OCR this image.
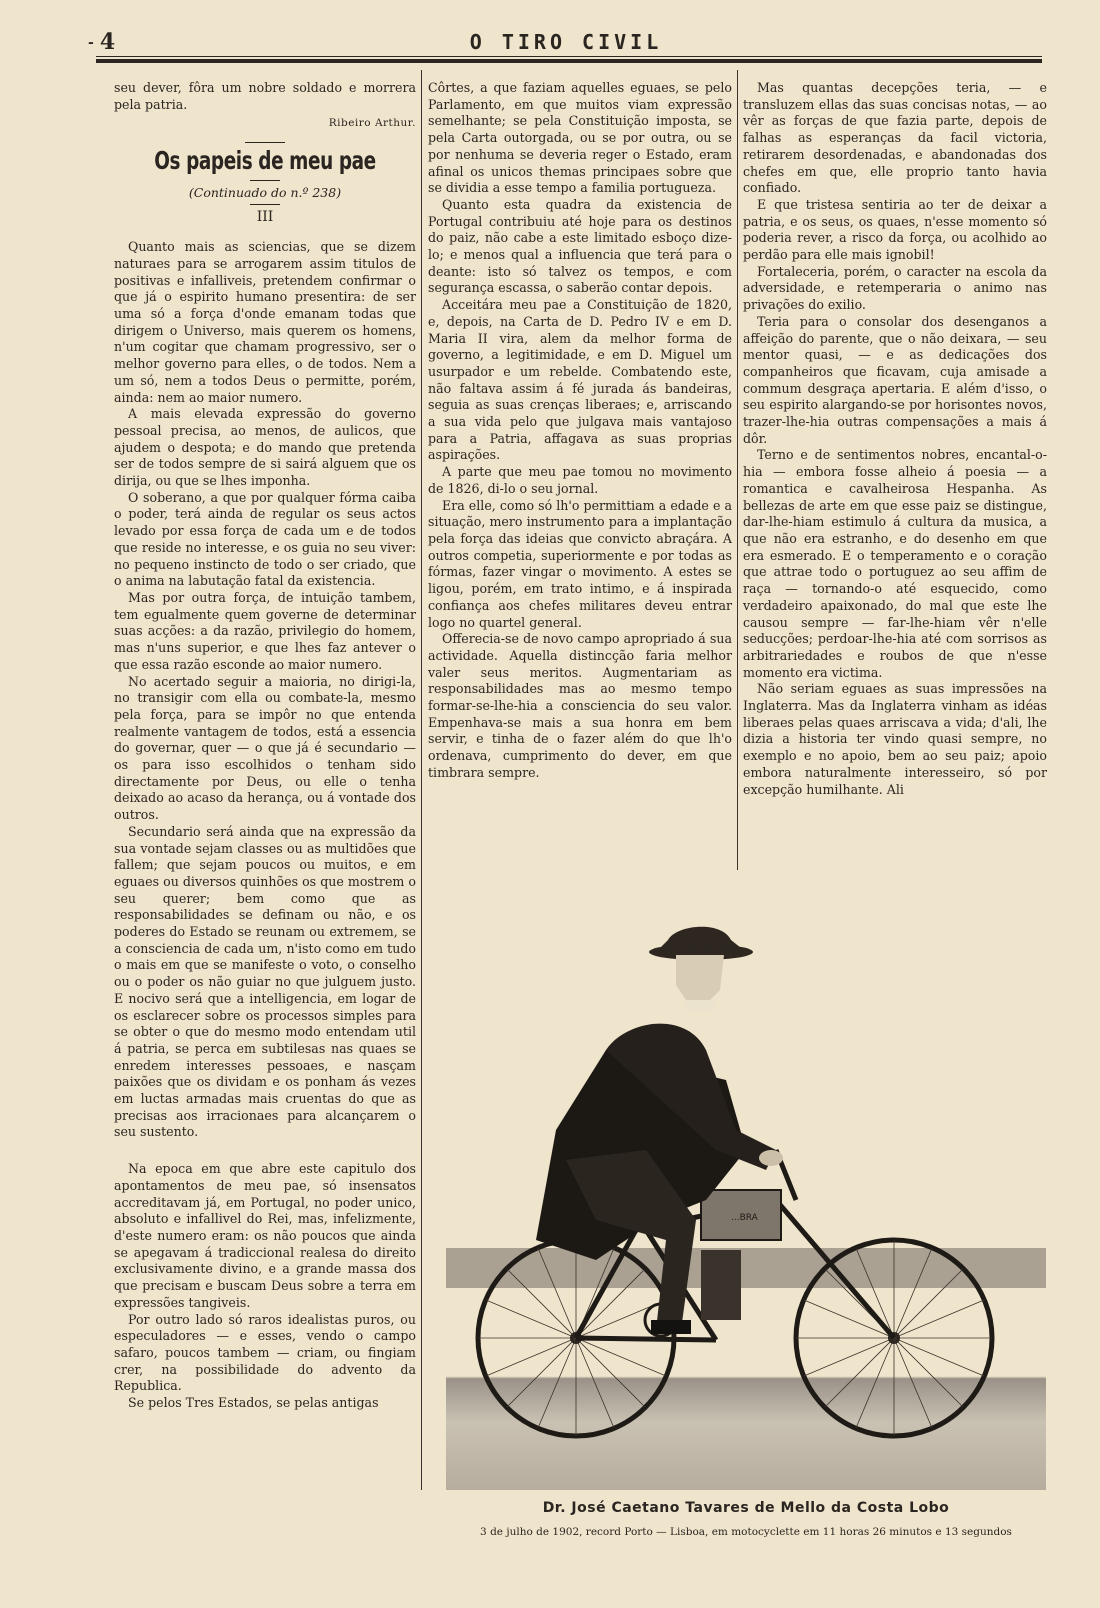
- 4	O TIRO CIVIL

seu dever, fôra um nobre soldado e morrera pela patria.

Ribeiro Arthur.
Os papeis de meu pae
(Continuado do n.º 238)
III

Quanto mais as sciencias, que se dizem naturaes para se arrogarem assim titulos de positivas e infalliveis, pretendem confirmar o que já o espirito humano presentira: de ser uma só a força d'onde emanam todas que dirigem o Universo, mais querem os homens, n'um cogitar que chamam progressivo, ser o melhor governo para elles, o de todos. Nem a um só, nem a todos Deus o permitte, porém, ainda: nem ao maior numero.

A mais elevada expressão do governo pessoal precisa, ao menos, de aulicos, que ajudem o despota; e do mando que pretenda ser de todos sempre de si sairá alguem que os dirija, ou que se lhes imponha.

O soberano, a que por qualquer fórma caiba o poder, terá ainda de regular os seus actos levado por essa força de cada um e de todos que reside no interesse, e os guia no seu viver: no pequeno instincto de todo o ser criado, que o anima na labutação fatal da existencia.

Mas por outra força, de intuição tambem, tem egualmente quem governe de determinar suas acções: a da razão, privilegio do homem, mas n'uns superior, e que lhes faz antever o que essa razão esconde ao maior numero.

No acertado seguir a maioria, no dirigi-la, no transigir com ella ou combate-la, mesmo pela força, para se impôr no que entenda realmente vantagem de todos, está a essencia do governar, quer — o que já é secundario — os para isso escolhidos o tenham sido directamente por Deus, ou elle o tenha deixado ao acaso da herança, ou á vontade dos outros.

Secundario será ainda que na expressão da sua vontade sejam classes ou as multidões que fallem; que sejam poucos ou muitos, e em eguaes ou diversos quinhões os que mostrem o seu querer; bem como que as responsabilidades se definam ou não, e os poderes do Estado se reunam ou extremem, se a consciencia de cada um, n'isto como em tudo o mais em que se manifeste o voto, o conselho ou o poder os não guiar no que julguem justo. E nocivo será que a intelligencia, em logar de os esclarecer sobre os processos simples para se obter o que do mesmo modo entendam util á patria, se perca em subtilesas nas quaes se enredem interesses pessoaes, e nasçam paixões que os dividam e os ponham ás vezes em luctas armadas mais cruentas do que as precisas aos irracionaes para alcançarem o seu sustento.

Na epoca em que abre este capitulo dos apontamentos de meu pae, só insensatos accreditavam já, em Portugal, no poder unico, absoluto e infallivel do Rei, mas, infelizmente, d'este numero eram: os não poucos que ainda se apegavam á tradiccional realesa do direito exclusivamente divino, e a grande massa dos que precisam e buscam Deus sobre a terra em expressões tangiveis.

Por outro lado só raros idealistas puros, ou especuladores — e esses, vendo o campo safaro, poucos tambem — criam, ou fingiam crer, na possibilidade do advento da Republica.

Se pelos Tres Estados, se pelas antigas

Côrtes, a que faziam aquelles eguaes, se pelo Parlamento, em que muitos viam expressão semelhante; se pela Constituição imposta, se pela Carta outorgada, ou se por outra, ou se por nenhuma se deveria reger o Estado, eram afinal os unicos themas principaes sobre que se dividia a esse tempo a familia portugueza.

Quanto esta quadra da existencia de Portugal contribuiu até hoje para os destinos do paiz, não cabe a este limitado esboço dize-lo; e menos qual a influencia que terá para o deante: isto só talvez os tempos, e com segurança escassa, o saberão contar depois.

Acceitára meu pae a Constituição de 1820, e, depois, na Carta de D. Pedro IV e em D. Maria II vira, alem da melhor forma de governo, a legitimidade, e em D. Miguel um usurpador e um rebelde. Combatendo este, não faltava assim á fé jurada ás bandeiras, seguia as suas crenças liberaes; e, arriscando a sua vida pelo que julgava mais vantajoso para a Patria, affagava as suas proprias aspirações.

A parte que meu pae tomou no movimento de 1826, di-lo o seu jornal.

Era elle, como só lh'o permittiam a edade e a situação, mero instrumento para a implantação pela força das ideias que convicto abraçára. A outros competia, superiormente e por todas as fórmas, fazer vingar o movimento. A estes se ligou, porém, em trato intimo, e á inspirada confiança aos chefes militares deveu entrar logo no quartel general.

Offerecia-se de novo campo apropriado á sua actividade. Aquella distincção faria melhor valer seus meritos. Augmentariam as responsabilidades mas ao mesmo tempo formar-se-lhe-hia a consciencia do seu valor. Empenhava-se mais a sua honra em bem servir, e tinha de o fazer além do que lh'o ordenava, cumprimento do dever, em que timbrara sempre.

Mas quantas decepções teria, — e transluzem ellas das suas concisas notas, — ao vêr as forças de que fazia parte, depois de falhas as esperanças da facil victoria, retirarem desordenadas, e abandonadas dos chefes em que, elle proprio tanto havia confiado.

E que tristesa sentiria ao ter de deixar a patria, e os seus, os quaes, n'esse momento só poderia rever, a risco da força, ou acolhido ao perdão para elle mais ignobil!

Fortaleceria, porém, o caracter na escola da adversidade, e retemperaria o animo nas privações do exilio.

Teria para o consolar dos desenganos a affeição do parente, que o não deixara, — seu mentor quasi, — e as dedicações dos companheiros que ficavam, cuja amisade a commum desgraça apertaria. E além d'isso, o seu espirito alargando-se por horisontes novos, trazer-lhe-hia outras compensações a mais á dôr.

Terno e de sentimentos nobres, encantal-o-hia — embora fosse alheio á poesia — a romantica e cavalheirosa Hespanha. As bellezas de arte em que esse paiz se distingue, dar-lhe-hiam estimulo á cultura da musica, a que não era estranho, e do desenho em que era esmerado. E o temperamento e o coração que attrae todo o portuguez ao seu affim de raça — tornando-o até esquecido, como verdadeiro apaixonado, do mal que este lhe causou sempre — far-lhe-hiam vêr n'elle seducções; perdoar-lhe-hia até com sorrisos as arbitrariedades e roubos de que n'esse momento era victima.

Não seriam eguaes as suas impressões na Inglaterra. Mas da Inglaterra vinham as idéas liberaes pelas quaes arriscava a vida; d'ali, lhe dizia a historia ter vindo quasi sempre, no exemplo e no apoio, bem ao seu paiz; apoio embora naturalmente interesseiro, só por excepção humilhante. Ali

...BRA
Dr. José Caetano Tavares de Mello da Costa Lobo
3 de julho de 1902, record Porto — Lisboa, em motocyclette em 11 horas 26 minutos e 13 segundos
